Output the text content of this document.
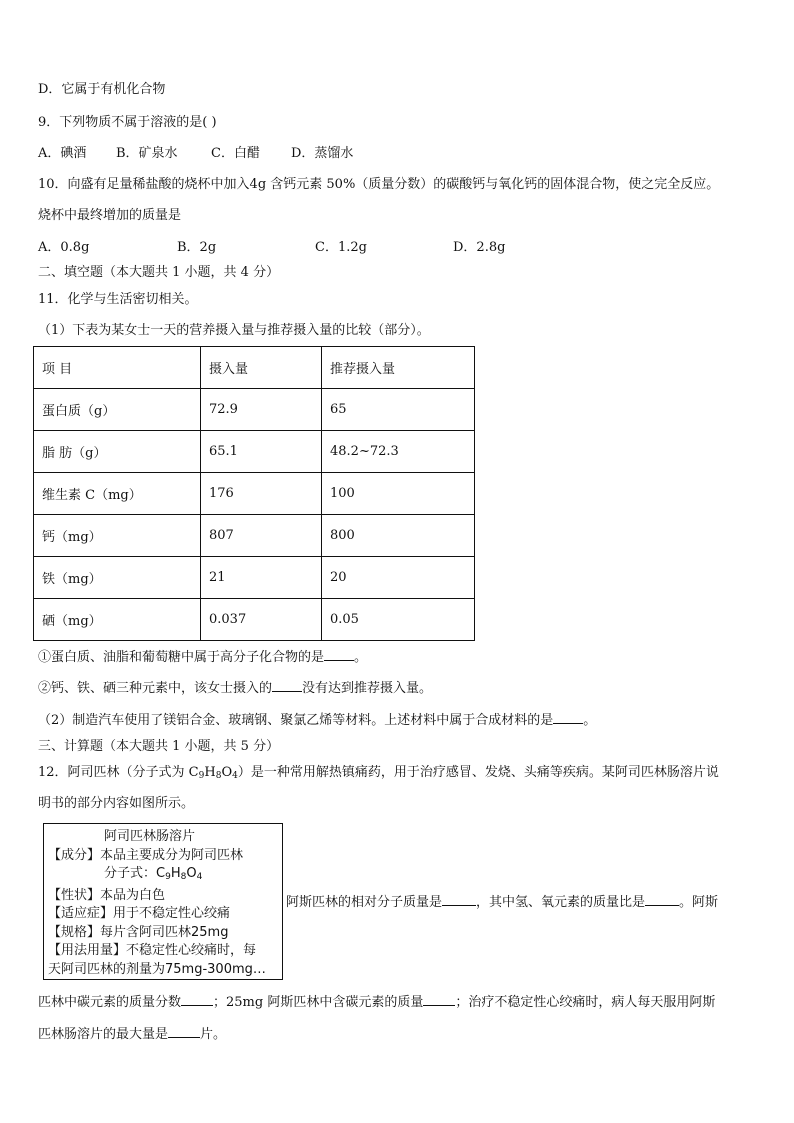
D．它属于有机化合物
9．下列物质不属于溶液的是( )
A．碘酒 B．矿泉水	C．白醋 D．蒸馏水
10．向盛有足量稀盐酸的烧杯中加入4g 含钙元素 50%（质量分数）的碳酸钙与氧化钙的固体混合物，使之完全反应。
烧杯中最终增加的质量是
A．0.8g	B．2g	C．1.2g	D．2.8g
二、填空题（本大题共 1 小题，共 4 分）
11．化学与生活密切相关。
（1）下表为某女士一天的营养摄入量与推荐摄入量的比较（部分）。
项 目	摄入量	推荐摄入量
蛋白质（g）	72.9	65
脂 肪（g）	65.1	48.2~72.3
维生素 C（mg）	176	100
钙（mg）	807	800
铁（mg）	21	20
硒（mg）	0.037	0.05
①蛋白质、油脂和葡萄糖中属于高分子化合物的是 。
②钙、铁、硒三种元素中，该女士摄入的 没有达到推荐摄入量。
（2）制造汽车使用了镁铝合金、玻璃钢、聚氯乙烯等材料。上述材料中属于合成材料的是 。
三、计算题（本大题共 1 小题，共 5 分）
12．阿司匹林（分子式为 $C_9H_8O_4$）是一种常用解热镇痛药，用于治疗感冒、发烧、头痛等疾病。某阿司匹林肠溶片说
明书的部分内容如图所示。
阿司匹林肠溶片
【成分】本品主要成分为阿司匹林
分子式：$C_9H_8O_4$
【性状】本品为白色
【适应症】用于不稳定性心绞痛
【规格】每片含阿司匹林25mg
【用法用量】不稳定性心绞痛时，每
天阿司匹林的剂量为75mg-300mg…
阿斯匹林的相对分子质量是	，其中氢、氧元素的质量比是	。阿斯
匹林中碳元素的质量分数 ；25mg 阿斯匹林中含碳元素的质量 ；治疗不稳定性心绞痛时，病人每天服用阿斯
匹林肠溶片的最大量是 片。
